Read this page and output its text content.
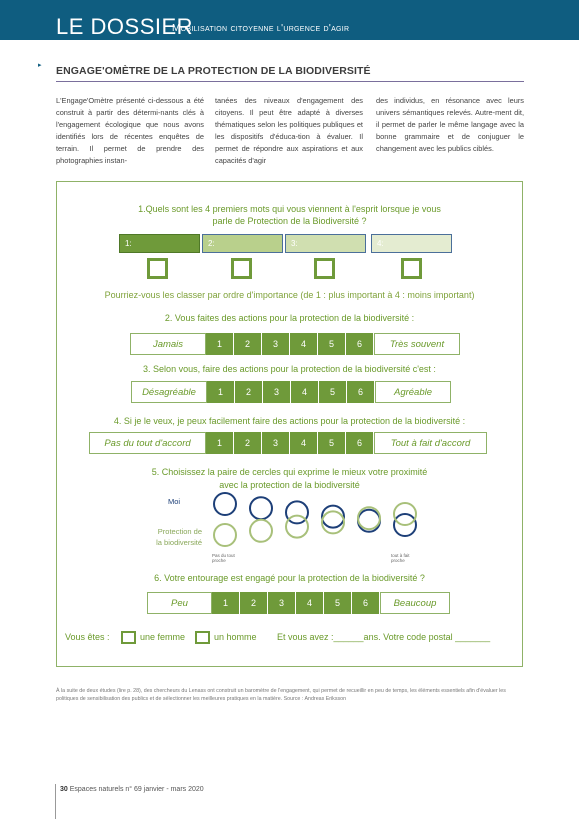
LE DOSSIER
Mobilisation citoyenne l'urgence d'agir
▸ ENGAGE'OMÈTRE DE LA PROTECTION DE LA BIODIVERSITÉ

L'Engage'Omètre présenté ci-dessous a été construit à partir des détermi-nants clés à l'engagement écologique que nous avons identifiés lors de récentes enquêtes de terrain. Il permet de prendre des photographies instan-

tanées des niveaux d'engagement des citoyens. Il peut être adapté à diverses thématiques selon les politiques publiques et les dispositifs d'éduca-tion à évaluer. Il permet de répondre aux aspirations et aux capacités d'agir

des individus, en résonance avec leurs univers sémantiques relevés. Autre-ment dit, il permet de parler le même langage avec la bonne grammaire et de conjuguer le changement avec les publics ciblés.

1.Quels sont les 4 premiers mots qui vous viennent à l'esprit lorsque je vous
parle de Protection de la Biodiversité ?
1:	2:	3:	4:
Pourriez-vous les classer par ordre d'importance (de 1 : plus important à 4 : moins important)
2. Vous faites des actions pour la protection de la biodiversité :
Jamais	1	2	3	4	5	6	Très souvent
3. Selon vous, faire des actions pour la protection de la biodiversité c'est :
Désagréable	1	2	3	4	5	6	Agréable
4. Si je le veux, je peux facilement faire des actions pour la protection de la biodiversité :
Pas du tout d'accord	1	2	3	4	5	6	Tout à fait d'accord
5. Choisissez la paire de cercles qui exprime le mieux votre proximité
avec la protection de la biodiversité
Moi
Protection de
la biodiversité
Pas du tout
proche
tout à fait
proche
6. Votre entourage est engagé pour la protection de la biodiversité ?
Peu	1	2	3	4	5	6	Beaucoup
Vous êtes :	une femme	un homme Et vous avez :______ans. Votre code postal _______

À la suite de deux études (lire p. 28), des chercheurs du Lenass ont construit un baromètre de l'engagement, qui permet de recueillir en peu de temps, les éléments essentiels afin d'évaluer les politiques de sensibilisation des publics et de sélectionner les meilleures pratiques en la matière. Source : Andreas Eriksson

30 Espaces naturels n° 69 janvier - mars 2020
